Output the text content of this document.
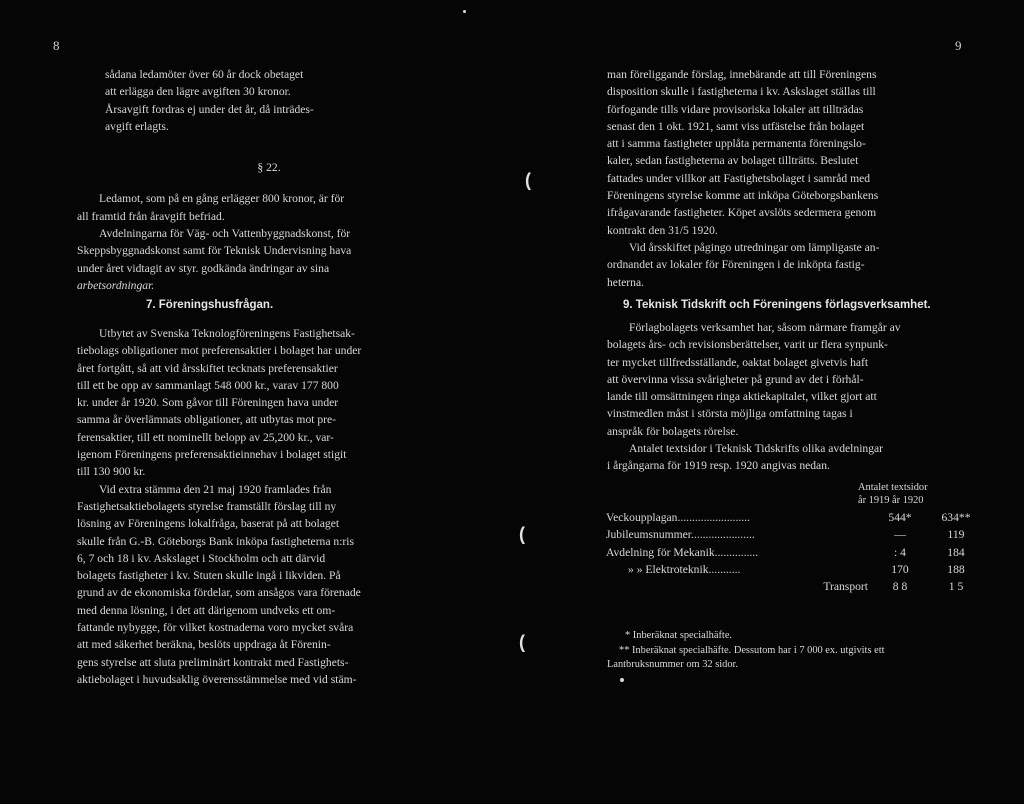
8

sådana ledamöter över 60 år dock obetaget

att erlägga den lägre avgiften 30 kronor.

Årsavgift fordras ej under det år, då inträdes-

avgift erlagts.

§ 22.

Ledamot, som på en gång erlägger 800 kronor, är för

all framtid från åravgift befriad.

Avdelningarna för Väg- och Vattenbyggnadskonst, för

Skeppsbyggnadskonst samt för Teknisk Undervisning hava

under året vidtagit av styr. godkända ändringar av sina

arbetsordningar.

7. Föreningshusfrågan.

Utbytet av Svenska Teknologföreningens Fastighetsak-

tiebolags obligationer mot preferensaktier i bolaget har under

året fortgått, så att vid årsskiftet tecknats preferensaktier

till ett be opp av sammanlagt 548 000 kr., varav 177 800

kr. under år 1920. Som gåvor till Föreningen hava under

samma år överlämnats obligationer, att utbytas mot pre-

ferensaktier, till ett nominellt belopp av 25,200 kr., var-

igenom Föreningens preferensaktieinnehav i bolaget stigit

till 130 900 kr.

Vid extra stämma den 21 maj 1920 framlades från

Fastighetsaktiebolagets styrelse framställt förslag till ny

lösning av Föreningens lokalfråga, baserat på att bolaget

skulle från G.-B. Göteborgs Bank inköpa fastigheterna n:ris

6, 7 och 18 i kv. Askslaget i Stockholm och att därvid

bolagets fastigheter i kv. Stuten skulle ingå i likviden. På

grund av de ekonomiska fördelar, som ansågos vara förenade

med denna lösning, i det att därigenom undveks ett om-

fattande nybygge, för vilket kostnaderna voro mycket svåra

att med säkerhet beräkna, beslöts uppdraga åt Förenin-

gens styrelse att sluta preliminärt kontrakt med Fastighets-

aktiebolaget i huvudsaklig överensstämmelse med vid stäm-

(
(
(
9

man föreliggande förslag, innebärande att till Föreningens

disposition skulle i fastigheterna i kv. Askslaget ställas till

förfogande tills vidare provisoriska lokaler att tillträdas

senast den 1 okt. 1921, samt viss utfästelse från bolaget

att i samma fastigheter upplåta permanenta föreningslo-

kaler, sedan fastigheterna av bolaget tillträtts. Beslutet

fattades under villkor att Fastighetsbolaget i samråd med

Föreningens styrelse komme att inköpa Göteborgsbankens

ifrågavarande fastigheter. Köpet avslöts sedermera genom

kontrakt den 31/5 1920.

Vid årsskiftet pågingo utredningar om lämpligaste an-

ordnandet av lokaler för Föreningen i de inköpta fastig-

heterna.

9. Teknisk Tidskrift och Föreningens förlagsverksamhet.

Förlagbolagets verksamhet har, såsom närmare framgår av

bolagets års- och revisionsberättelser, varit ur flera synpunk-

ter mycket tillfredsställande, oaktat bolaget givetvis haft

att övervinna vissa svårigheter på grund av det i förhål-

lande till omsättningen ringa aktiekapitalet, vilket gjort att

vinstmedlen måst i största möjliga omfattning tagas i

anspråk för bolagets rörelse.

Antalet textsidor i Teknisk Tidskrifts olika avdelningar

i årgångarna för 1919 resp. 1920 angivas nedan.

Antalet textsidor

år 1919 år 1920

Veckoupplagan.........................	544*	634**
Jubileumsnummer......................	—	119
Avdelning för Mekanik...............	: 4	184
» » Elektroteknik...........	170	188
Transport	8 8	1 5

* Inberäknat specialhäfte.

** Inberäknat specialhäfte. Dessutom har i 7 000 ex. utgivits ett

Lantbruksnummer om 32 sidor.
